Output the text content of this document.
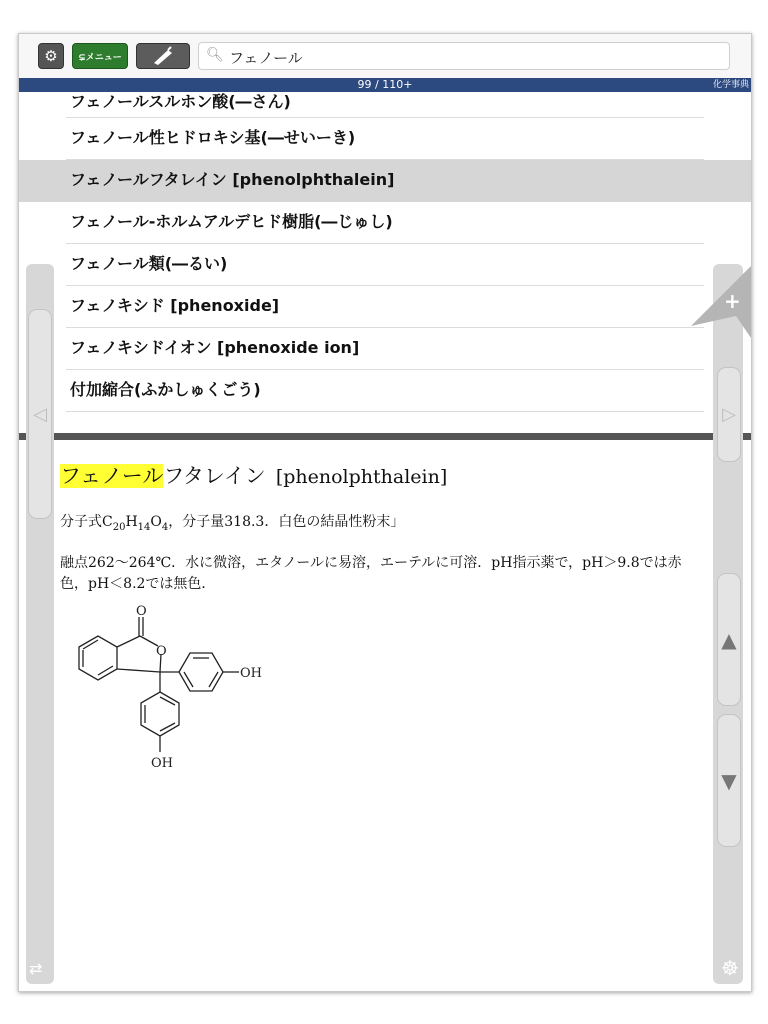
⚙	⊊メニュー	🔍︎
フェノール
99 / 110+	化学事典
フェノールスルホン酸(―さん)
フェノール性ヒドロキシ基(―せいーき)
フェノールフタレイン [phenolphthalein]
フェノール-ホルムアルデヒド樹脂(―じゅし)
フェノール類(―るい)
フェノキシド [phenoxide]
フェノキシドイオン [phenoxide ion]
付加縮合(ふかしゅくごう)
フェノールフタレイン [phenolphthalein]
分子式$C_{20}H_{14}O_4$，分子量318.3．白色の結晶性粉末」
融点262〜264℃．水に微溶，エタノールに易溶，エーテルに可溶．pH指示薬で，pH＞9.8では赤色，pH＜8.2では無色．
O
O
OH
OH
◁	▷
▲
▼
+
⇄	☸
